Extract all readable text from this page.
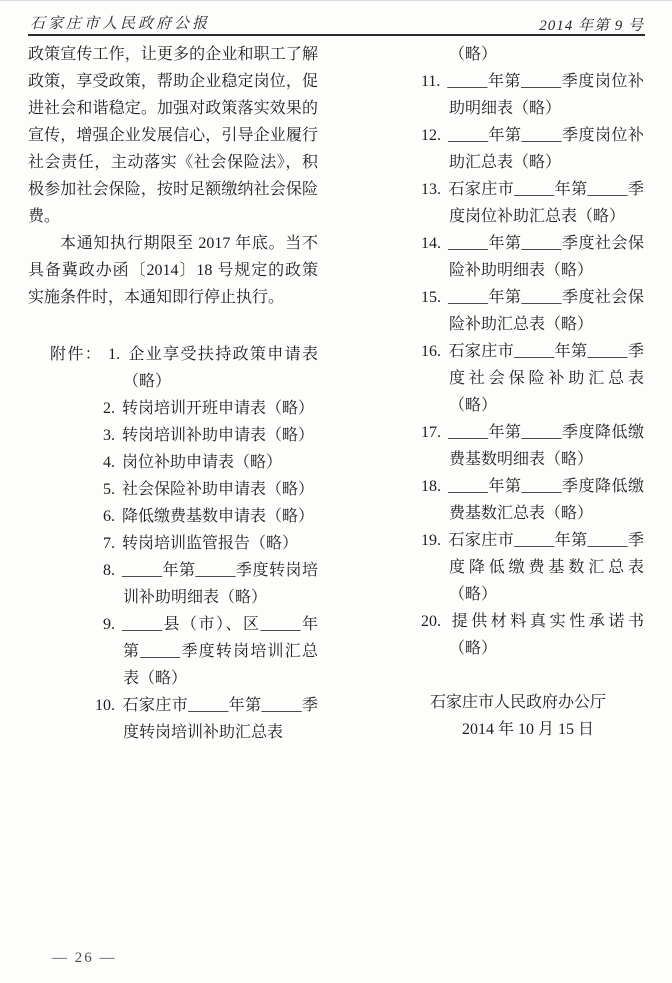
石家庄市人民政府公报	2014 年第 9 号

政策宣传工作，让更多的企业和职工了解政策，享受政策，帮助企业稳定岗位，促进社会和谐稳定。加强对政策落实效果的宣传，增强企业发展信心，引导企业履行社会责任，主动落实《社会保险法》，积极参加社会保险，按时足额缴纳社会保险费。

本通知执行期限至 2017 年底。当不具备冀政办函〔2014〕18 号规定的政策实施条件时，本通知即行停止执行。

附件： 1. 企业享受扶持政策申请表（略）
2. 转岗培训开班申请表（略）
3. 转岗培训补助申请表（略）
4. 岗位补助申请表（略）
5. 社会保险补助申请表（略）
6. 降低缴费基数申请表（略）
7. 转岗培训监管报告（略）
8. _____年第_____季度转岗培训补助明细表（略）
9. _____县（市）、区_____年第_____季度转岗培训汇总表（略）
10. 石家庄市_____年第_____季度转岗培训补助汇总表
（略）
11. _____年第_____季度岗位补助明细表（略）
12. _____年第_____季度岗位补助汇总表（略）
13. 石家庄市_____年第_____季度岗位补助汇总表（略）
14. _____年第_____季度社会保险补助明细表（略）
15. _____年第_____季度社会保险补助汇总表（略）
16. 石家庄市_____年第_____季度社会保险补助汇总表（略）
17. _____年第_____季度降低缴费基数明细表（略）
18. _____年第_____季度降低缴费基数汇总表（略）
19. 石家庄市_____年第_____季度降低缴费基数汇总表（略）
20. 提供材料真实性承诺书（略）
石家庄市人民政府办公厅
2014 年 10 月 15 日
— 26 —
